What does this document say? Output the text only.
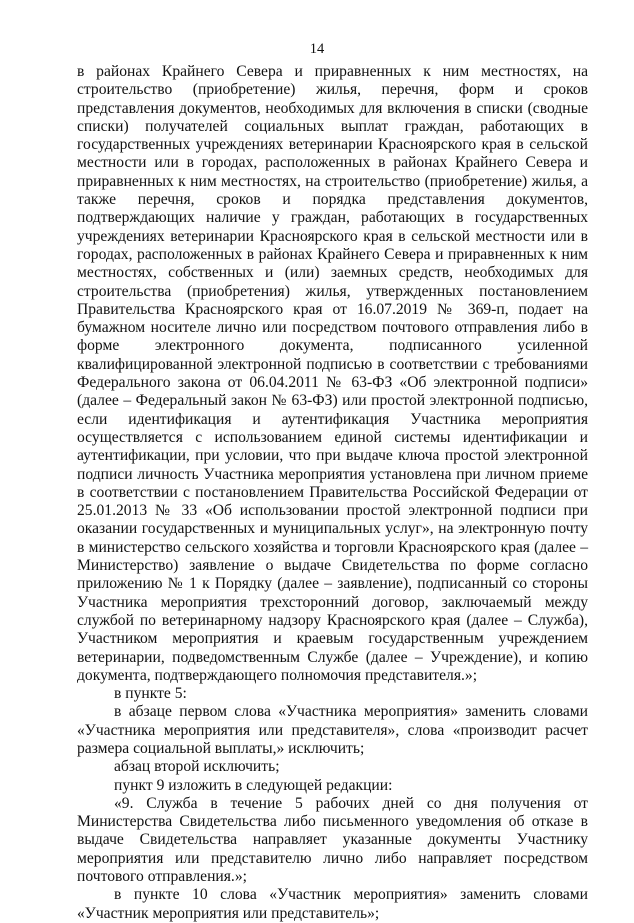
14

в районах Крайнего Севера и приравненных к ним местностях, на строительство (приобретение) жилья, перечня, форм и сроков представления документов, необходимых для включения в списки (сводные списки) получателей социальных выплат граждан, работающих в государственных учреждениях ветеринарии Красноярского края в сельской местности или в городах, расположенных в районах Крайнего Севера и приравненных к ним местностях, на строительство (приобретение) жилья, а также перечня, сроков и порядка представления документов, подтверждающих наличие у граждан, работающих в государственных учреждениях ветеринарии Красноярского края в сельской местности или в городах, расположенных в районах Крайнего Севера и приравненных к ним местностях, собственных и (или) заемных средств, необходимых для строительства (приобретения) жилья, утвержденных постановлением Правительства Красноярского края от 16.07.2019 № 369-п, подает на бумажном носителе лично или посредством почтового отправления либо в форме электронного документа, подписанного усиленной квалифицированной электронной подписью в соответствии с требованиями Федерального закона от 06.04.2011 № 63-ФЗ «Об электронной подписи» (далее – Федеральный закон № 63-ФЗ) или простой электронной подписью, если идентификация и аутентификация Участника мероприятия осуществляется с использованием единой системы идентификации и аутентификации, при условии, что при выдаче ключа простой электронной подписи личность Участника мероприятия установлена при личном приеме в соответствии с постановлением Правительства Российской Федерации от 25.01.2013 № 33 «Об использовании простой электронной подписи при оказании государственных и муниципальных услуг», на электронную почту в министерство сельского хозяйства и торговли Красноярского края (далее – Министерство) заявление о выдаче Свидетельства по форме согласно приложению № 1 к Порядку (далее – заявление), подписанный со стороны Участника мероприятия трехсторонний договор, заключаемый между службой по ветеринарному надзору Красноярского края (далее – Служба), Участником мероприятия и краевым государственным учреждением ветеринарии, подведомственным Службе (далее – Учреждение), и копию документа, подтверждающего полномочия представителя.»;

в пункте 5:

в абзаце первом слова «Участника мероприятия» заменить словами «Участника мероприятия или представителя», слова «производит расчет размера социальной выплаты,» исключить;

абзац второй исключить;

пункт 9 изложить в следующей редакции:

«9. Служба в течение 5 рабочих дней со дня получения от Министерства Свидетельства либо письменного уведомления об отказе в выдаче Свидетельства направляет указанные документы Участнику мероприятия или представителю лично либо направляет посредством почтового отправления.»;

в пункте 10 слова «Участник мероприятия» заменить словами «Участник мероприятия или представитель»;
